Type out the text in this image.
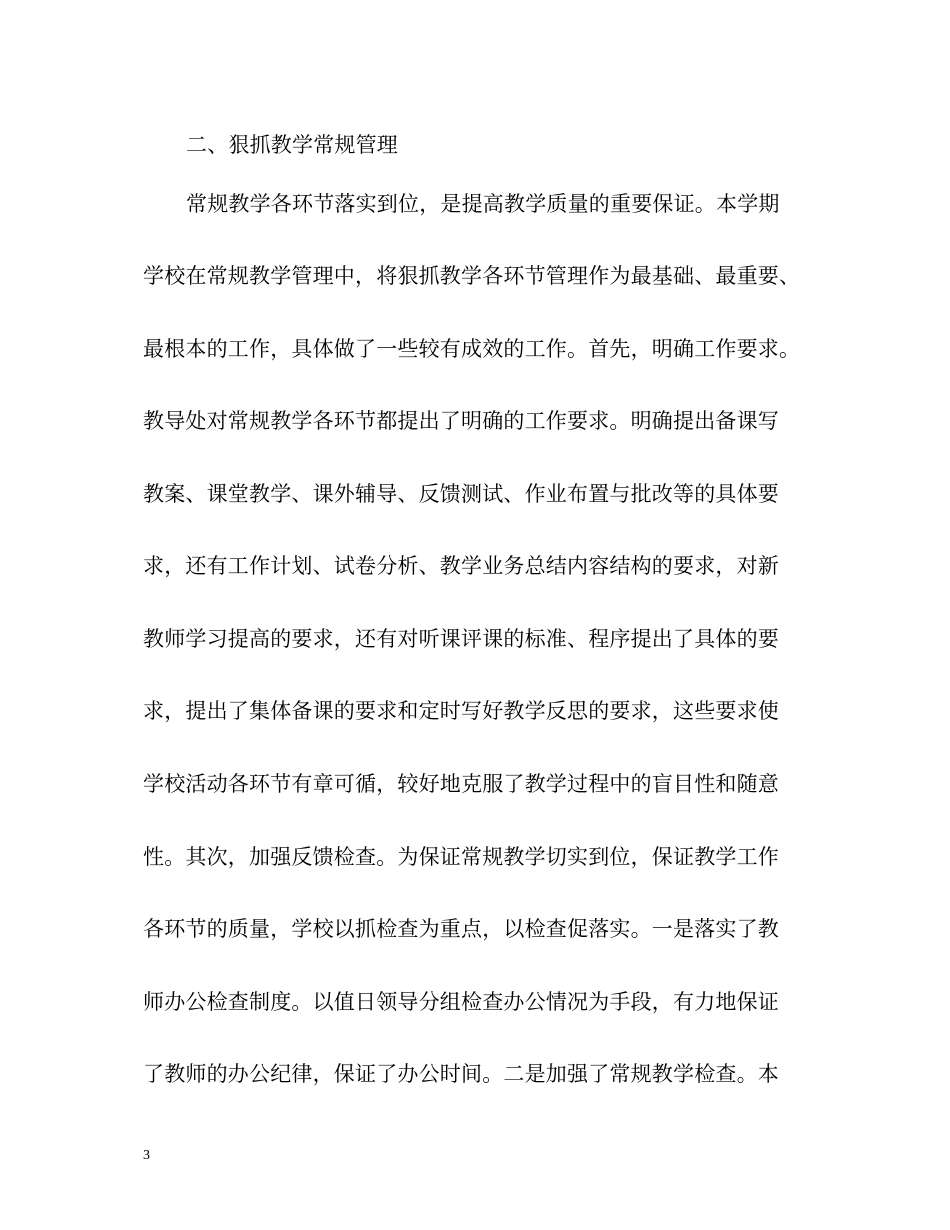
二、狠抓教学常规管理
常规教学各环节落实到位，是提高教学质量的重要保证。本学期
学校在常规教学管理中，将狠抓教学各环节管理作为最基础、最重要、
最根本的工作，具体做了一些较有成效的工作。首先，明确工作要求。
教导处对常规教学各环节都提出了明确的工作要求。明确提出备课写
教案、课堂教学、课外辅导、反馈测试、作业布置与批改等的具体要
求，还有工作计划、试卷分析、教学业务总结内容结构的要求，对新
教师学习提高的要求，还有对听课评课的标准、程序提出了具体的要
求，提出了集体备课的要求和定时写好教学反思的要求，这些要求使
学校活动各环节有章可循，较好地克服了教学过程中的盲目性和随意
性。其次，加强反馈检查。为保证常规教学切实到位，保证教学工作
各环节的质量，学校以抓检查为重点，以检查促落实。一是落实了教
师办公检查制度。以值日领导分组检查办公情况为手段，有力地保证
了教师的办公纪律，保证了办公时间。二是加强了常规教学检查。本
3
